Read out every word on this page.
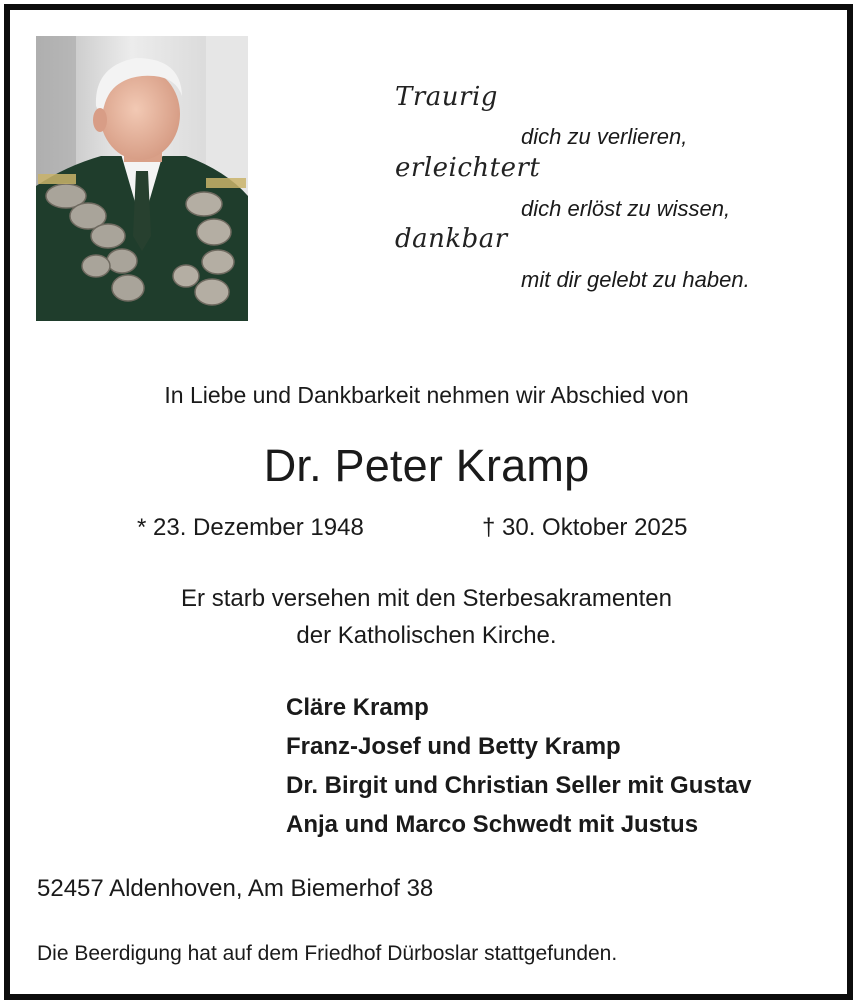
Traurig
dich zu verlieren,
erleichtert
dich erlöst zu wissen,
dankbar
mit dir gelebt zu haben.
In Liebe und Dankbarkeit nehmen wir Abschied von
Dr. Peter Kramp
* 23. Dezember 1948	† 30. Oktober 2025
Er starb versehen mit den Sterbesakramenten
der Katholischen Kirche.
Cläre Kramp
Franz-Josef und Betty Kramp
Dr. Birgit und Christian Seller mit Gustav
Anja und Marco Schwedt mit Justus
52457 Aldenhoven, Am Biemerhof 38
Die Beerdigung hat auf dem Friedhof Dürboslar stattgefunden.
